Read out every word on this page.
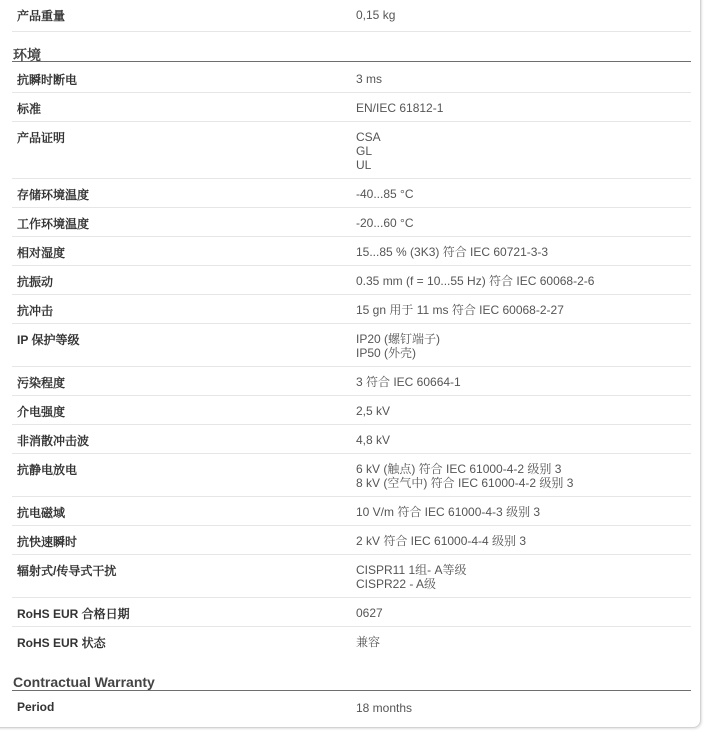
产品重量	0,15 kg
环境
抗瞬时断电	3 ms
标准	EN/IEC 61812-1
产品证明	CSA
GL
UL
存储环境温度	-40...85 °C
工作环境温度	-20...60 °C
相对湿度	15...85 % (3K3) 符合 IEC 60721-3-3
抗振动	0.35 mm (f = 10...55 Hz) 符合 IEC 60068-2-6
抗冲击	15 gn 用于 11 ms 符合 IEC 60068-2-27
IP 保护等级	IP20 (螺钉端子)
IP50 (外壳)
污染程度	3 符合 IEC 60664-1
介电强度	2,5 kV
非消散冲击波	4,8 kV
抗静电放电	6 kV (触点) 符合 IEC 61000-4-2 级别 3
8 kV (空气中) 符合 IEC 61000-4-2 级别 3
抗电磁域	10 V/m 符合 IEC 61000-4-3 级别 3
抗快速瞬时	2 kV 符合 IEC 61000-4-4 级别 3
辐射式/传导式干扰	CISPR11 1组- A等级
CISPR22 - A级
RoHS EUR 合格日期	0627
RoHS EUR 状态	兼容
Contractual Warranty
Period	18 months
